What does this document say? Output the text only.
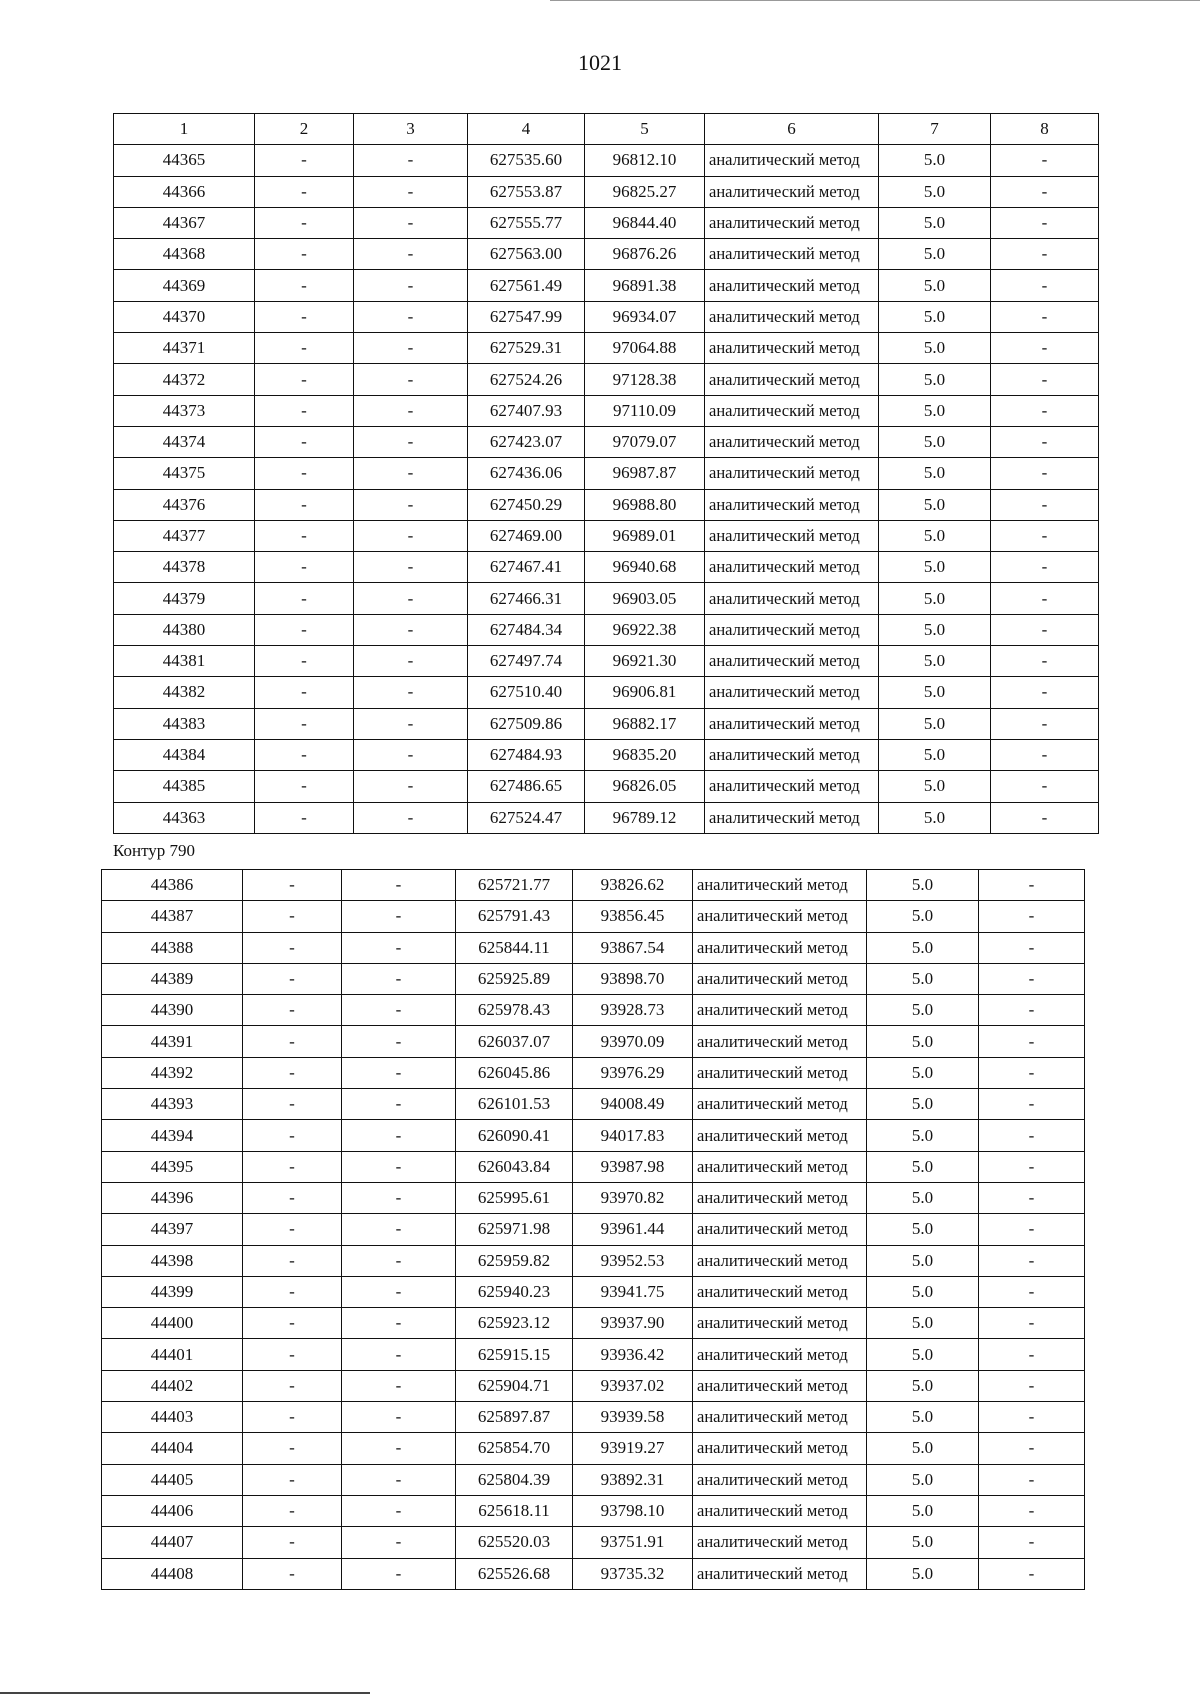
1021
1	2	3	4	5	6	7	8
44365	-	-	627535.60	96812.10	аналитический метод	5.0	-
44366	-	-	627553.87	96825.27	аналитический метод	5.0	-
44367	-	-	627555.77	96844.40	аналитический метод	5.0	-
44368	-	-	627563.00	96876.26	аналитический метод	5.0	-
44369	-	-	627561.49	96891.38	аналитический метод	5.0	-
44370	-	-	627547.99	96934.07	аналитический метод	5.0	-
44371	-	-	627529.31	97064.88	аналитический метод	5.0	-
44372	-	-	627524.26	97128.38	аналитический метод	5.0	-
44373	-	-	627407.93	97110.09	аналитический метод	5.0	-
44374	-	-	627423.07	97079.07	аналитический метод	5.0	-
44375	-	-	627436.06	96987.87	аналитический метод	5.0	-
44376	-	-	627450.29	96988.80	аналитический метод	5.0	-
44377	-	-	627469.00	96989.01	аналитический метод	5.0	-
44378	-	-	627467.41	96940.68	аналитический метод	5.0	-
44379	-	-	627466.31	96903.05	аналитический метод	5.0	-
44380	-	-	627484.34	96922.38	аналитический метод	5.0	-
44381	-	-	627497.74	96921.30	аналитический метод	5.0	-
44382	-	-	627510.40	96906.81	аналитический метод	5.0	-
44383	-	-	627509.86	96882.17	аналитический метод	5.0	-
44384	-	-	627484.93	96835.20	аналитический метод	5.0	-
44385	-	-	627486.65	96826.05	аналитический метод	5.0	-
44363	-	-	627524.47	96789.12	аналитический метод	5.0	-
Контур 790
44386	-	-	625721.77	93826.62	аналитический метод	5.0	-
44387	-	-	625791.43	93856.45	аналитический метод	5.0	-
44388	-	-	625844.11	93867.54	аналитический метод	5.0	-
44389	-	-	625925.89	93898.70	аналитический метод	5.0	-
44390	-	-	625978.43	93928.73	аналитический метод	5.0	-
44391	-	-	626037.07	93970.09	аналитический метод	5.0	-
44392	-	-	626045.86	93976.29	аналитический метод	5.0	-
44393	-	-	626101.53	94008.49	аналитический метод	5.0	-
44394	-	-	626090.41	94017.83	аналитический метод	5.0	-
44395	-	-	626043.84	93987.98	аналитический метод	5.0	-
44396	-	-	625995.61	93970.82	аналитический метод	5.0	-
44397	-	-	625971.98	93961.44	аналитический метод	5.0	-
44398	-	-	625959.82	93952.53	аналитический метод	5.0	-
44399	-	-	625940.23	93941.75	аналитический метод	5.0	-
44400	-	-	625923.12	93937.90	аналитический метод	5.0	-
44401	-	-	625915.15	93936.42	аналитический метод	5.0	-
44402	-	-	625904.71	93937.02	аналитический метод	5.0	-
44403	-	-	625897.87	93939.58	аналитический метод	5.0	-
44404	-	-	625854.70	93919.27	аналитический метод	5.0	-
44405	-	-	625804.39	93892.31	аналитический метод	5.0	-
44406	-	-	625618.11	93798.10	аналитический метод	5.0	-
44407	-	-	625520.03	93751.91	аналитический метод	5.0	-
44408	-	-	625526.68	93735.32	аналитический метод	5.0	-
